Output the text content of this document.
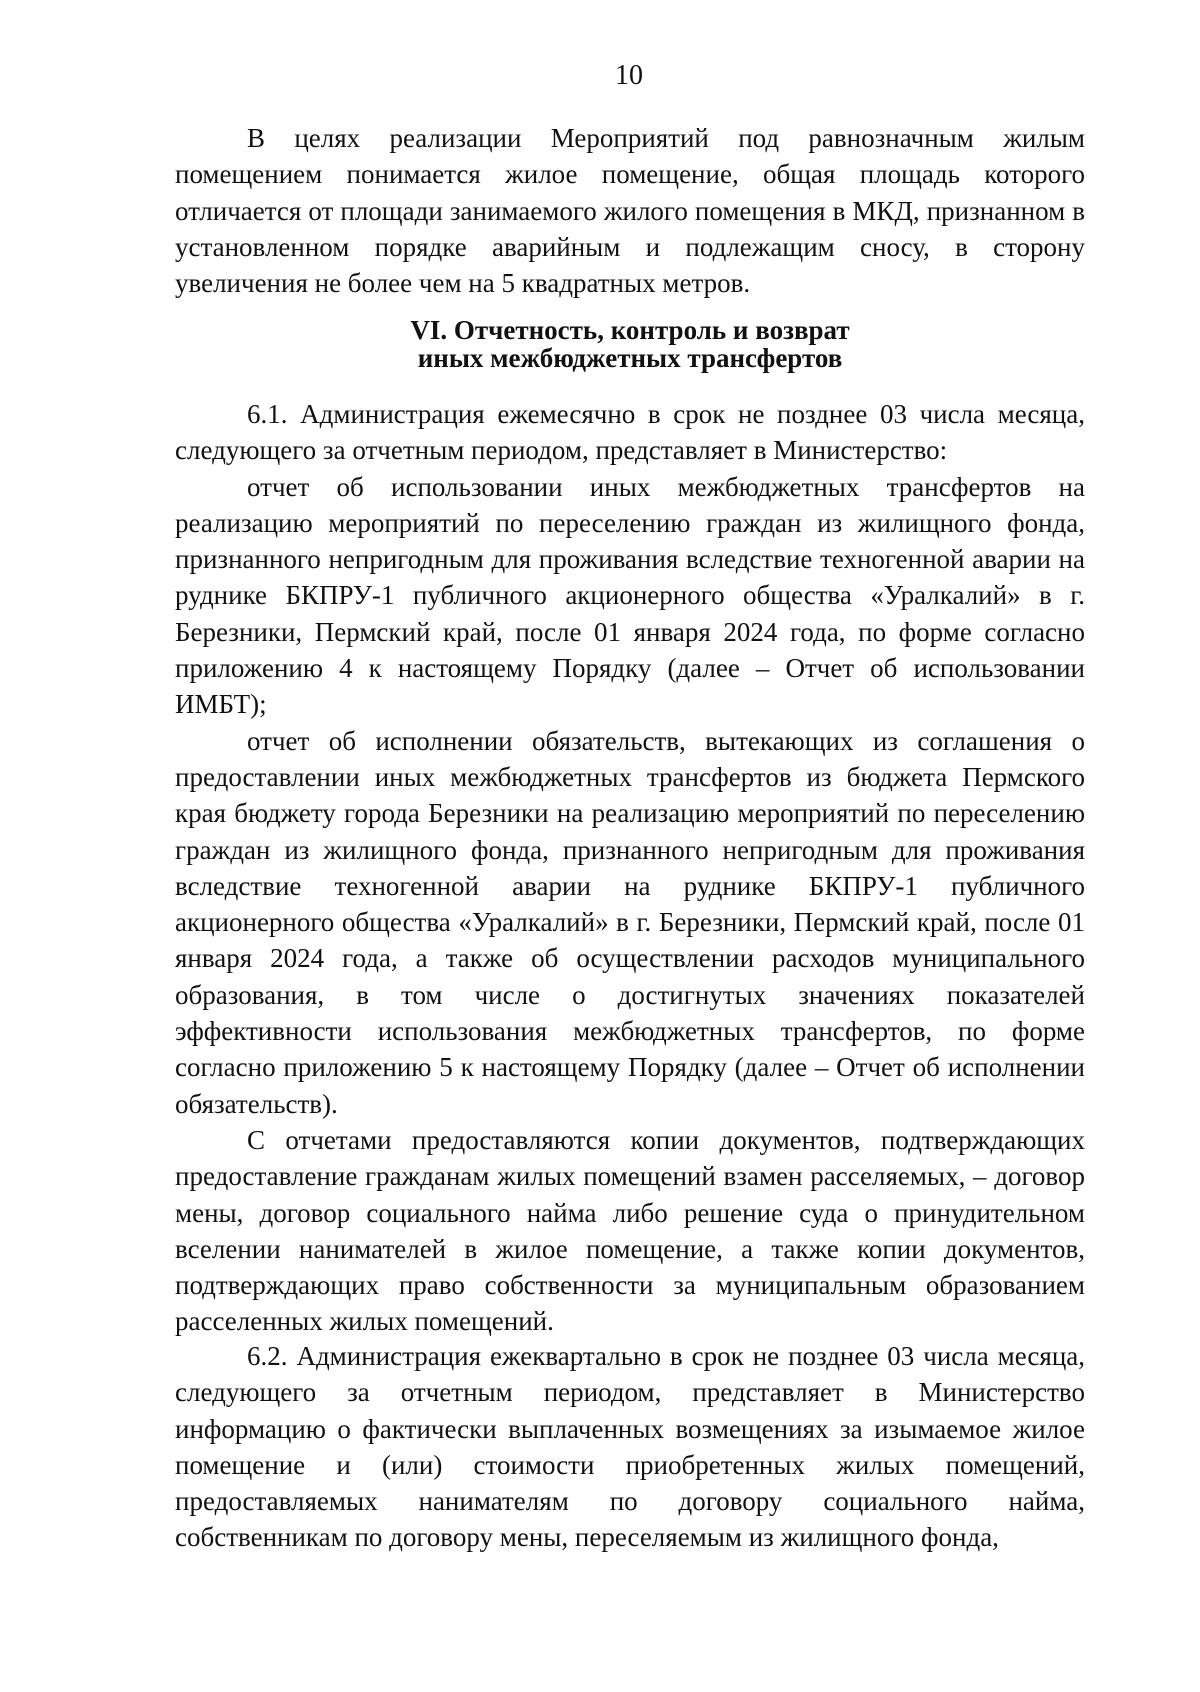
10

В целях реализации Мероприятий под равнозначным жилым помещением понимается жилое помещение, общая площадь которого отличается от площади занимаемого жилого помещения в МКД, признанном в установленном порядке аварийным и подлежащим сносу, в сторону увеличения не более чем на 5 квадратных метров.

VI. Отчетность, контроль и возврат
иных межбюджетных трансфертов

6.1. Администрация ежемесячно в срок не позднее 03 числа месяца, следующего за отчетным периодом, представляет в Министерство:

отчет об использовании иных межбюджетных трансфертов на реализацию мероприятий по переселению граждан из жилищного фонда, признанного непригодным для проживания вследствие техногенной аварии на руднике БКПРУ-1 публичного акционерного общества «Уралкалий» в г. Березники, Пермский край, после 01 января 2024 года, по форме согласно приложению 4 к настоящему Порядку (далее – Отчет об использовании ИМБТ);

отчет об исполнении обязательств, вытекающих из соглашения о предоставлении иных межбюджетных трансфертов из бюджета Пермского края бюджету города Березники на реализацию мероприятий по переселению граждан из жилищного фонда, признанного непригодным для проживания вследствие техногенной аварии на руднике БКПРУ-1 публичного акционерного общества «Уралкалий» в г. Березники, Пермский край, после 01 января 2024 года, а также об осуществлении расходов муниципального образования, в том числе о достигнутых значениях показателей эффективности использования межбюджетных трансфертов, по форме согласно приложению 5 к настоящему Порядку (далее – Отчет об исполнении обязательств).

С отчетами предоставляются копии документов, подтверждающих предоставление гражданам жилых помещений взамен расселяемых, – договор мены, договор социального найма либо решение суда о принудительном вселении нанимателей в жилое помещение, а также копии документов, подтверждающих право собственности за муниципальным образованием расселенных жилых помещений.

6.2. Администрация ежеквартально в срок не позднее 03 числа месяца, следующего за отчетным периодом, представляет в Министерство информацию о фактически выплаченных возмещениях за изымаемое жилое помещение и (или) стоимости приобретенных жилых помещений, предоставляемых нанимателям по договору социального найма, собственникам по договору мены, переселяемым из жилищного фонда,
